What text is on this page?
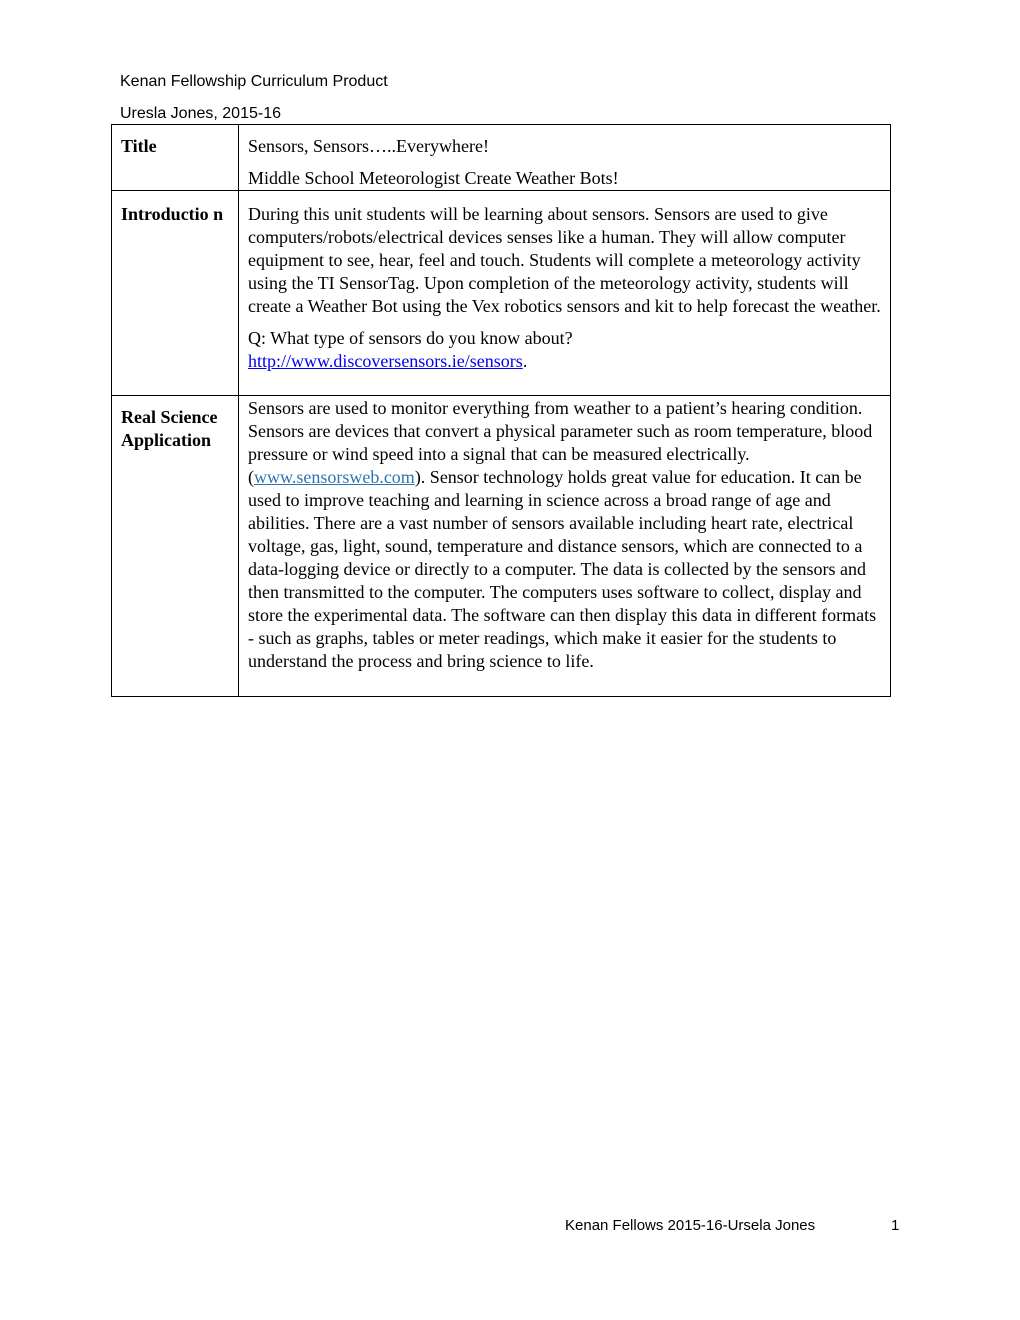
Kenan Fellowship Curriculum Product
Uresla Jones, 2015-16
Title	Sensors, Sensors…..Everywhere!

Middle School Meteorologist Create Weather Bots!

Introductio n	During this unit students will be learning about sensors. Sensors are used to give computers/robots/electrical devices senses like a human. They will allow computer equipment to see, hear, feel and touch. Students will complete a meteorology activity using the TI SensorTag. Upon completion of the meteorology activity, students will create a Weather Bot using the Vex robotics sensors and kit to help forecast the weather.

Q: What type of sensors do you know about?

http://www.discoversensors.ie/sensors.

Real Science Application	Sensors are used to monitor everything from weather to a patient’s hearing condition. Sensors are devices that convert a physical parameter such as room temperature, blood pressure or wind speed into a signal that can be measured electrically. (www.sensorsweb.com). Sensor technology holds great value for education. It can be used to improve teaching and learning in science across a broad range of age and abilities. There are a vast number of sensors available including heart rate, electrical voltage, gas, light, sound, temperature and distance sensors, which are connected to a data-logging device or directly to a computer. The data is collected by the sensors and then transmitted to the computer. The computers uses software to collect, display and store the experimental data. The software can then display this data in different formats - such as graphs, tables or meter readings, which make it easier for the students to understand the process and bring science to life.

Kenan Fellows 2015-16-Ursela Jones	1
